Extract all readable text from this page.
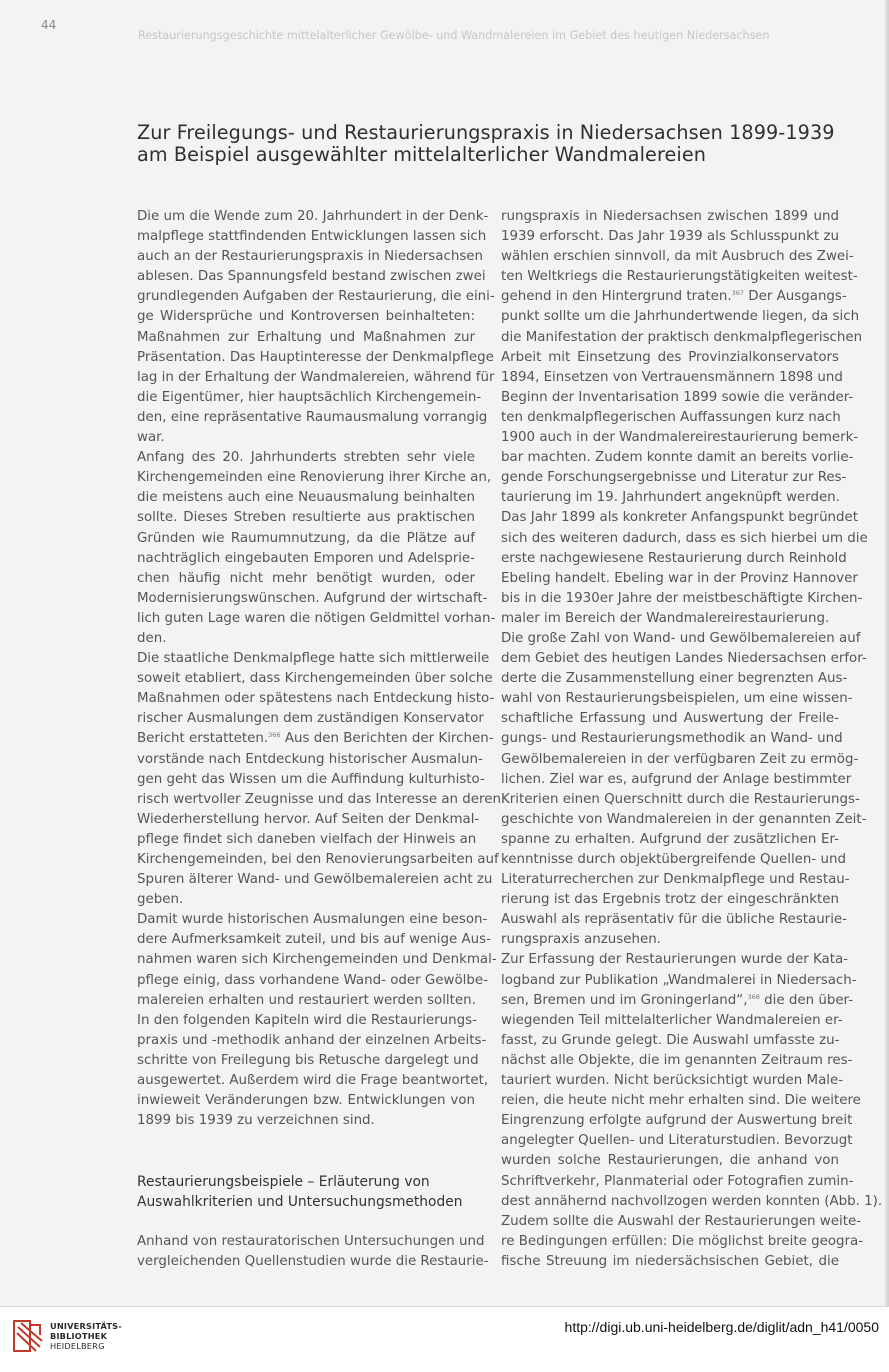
44
Restaurierungsgeschichte mittelalterlicher Gewölbe- und Wandmalereien im Gebiet des heutigen Niedersachsen
Zur Freilegungs- und Restaurierungspraxis in Niedersachsen 1899-1939
am Beispiel ausgewählter mittelalterlicher Wandmalereien
Die um die Wende zum 20. Jahrhundert in der Denk-
malpflege stattfindenden Entwicklungen lassen sich
auch an der Restaurierungspraxis in Niedersachsen
ablesen. Das Spannungsfeld bestand zwischen zwei
grundlegenden Aufgaben der Restaurierung, die eini-
ge Widersprüche und Kontroversen beinhalteten:
Maßnahmen zur Erhaltung und Maßnahmen zur
Präsentation. Das Hauptinteresse der Denkmalpflege
lag in der Erhaltung der Wandmalereien, während für
die Eigentümer, hier hauptsächlich Kirchengemein-
den, eine repräsentative Raumausmalung vorrangig
war.
Anfang des 20. Jahrhunderts strebten sehr viele
Kirchengemeinden eine Renovierung ihrer Kirche an,
die meistens auch eine Neuausmalung beinhalten
sollte. Dieses Streben resultierte aus praktischen
Gründen wie Raumumnutzung, da die Plätze auf
nachträglich eingebauten Emporen und Adelsprie-
chen häufig nicht mehr benötigt wurden, oder
Modernisierungswünschen. Aufgrund der wirtschaft-
lich guten Lage waren die nötigen Geldmittel vorhan-
den.
Die staatliche Denkmalpflege hatte sich mittlerweile
soweit etabliert, dass Kirchengemeinden über solche
Maßnahmen oder spätestens nach Entdeckung histo-
rischer Ausmalungen dem zuständigen Konservator
Bericht erstatteten.$^{366}$ Aus den Berichten der Kirchen-
vorstände nach Entdeckung historischer Ausmalun-
gen geht das Wissen um die Auffindung kulturhisto-
risch wertvoller Zeugnisse und das Interesse an deren
Wiederherstellung hervor. Auf Seiten der Denkmal-
pflege findet sich daneben vielfach der Hinweis an
Kirchengemeinden, bei den Renovierungsarbeiten auf
Spuren älterer Wand- und Gewölbemalereien acht zu
geben.
Damit wurde historischen Ausmalungen eine beson-
dere Aufmerksamkeit zuteil, und bis auf wenige Aus-
nahmen waren sich Kirchengemeinden und Denkmal-
pflege einig, dass vorhandene Wand- oder Gewölbe-
malereien erhalten und restauriert werden sollten.
In den folgenden Kapiteln wird die Restaurierungs-
praxis und -methodik anhand der einzelnen Arbeits-
schritte von Freilegung bis Retusche dargelegt und
ausgewertet. Außerdem wird die Frage beantwortet,
inwieweit Veränderungen bzw. Entwicklungen von
1899 bis 1939 zu verzeichnen sind.
Restaurierungsbeispiele – Erläuterung von
Auswahlkriterien und Untersuchungsmethoden
Anhand von restauratorischen Untersuchungen und
vergleichenden Quellenstudien wurde die Restaurie-
rungspraxis in Niedersachsen zwischen 1899 und
1939 erforscht. Das Jahr 1939 als Schlusspunkt zu
wählen erschien sinnvoll, da mit Ausbruch des Zwei-
ten Weltkriegs die Restaurierungstätigkeiten weitest-
gehend in den Hintergrund traten.$^{367}$ Der Ausgangs-
punkt sollte um die Jahrhundertwende liegen, da sich
die Manifestation der praktisch denkmalpflegerischen
Arbeit mit Einsetzung des Provinzialkonservators
1894, Einsetzen von Vertrauensmännern 1898 und
Beginn der Inventarisation 1899 sowie die veränder-
ten denkmalpflegerischen Auffassungen kurz nach
1900 auch in der Wandmalereirestaurierung bemerk-
bar machten. Zudem konnte damit an bereits vorlie-
gende Forschungsergebnisse und Literatur zur Res-
taurierung im 19. Jahrhundert angeknüpft werden.
Das Jahr 1899 als konkreter Anfangspunkt begründet
sich des weiteren dadurch, dass es sich hierbei um die
erste nachgewiesene Restaurierung durch Reinhold
Ebeling handelt. Ebeling war in der Provinz Hannover
bis in die 1930er Jahre der meistbeschäftigte Kirchen-
maler im Bereich der Wandmalereirestaurierung.
Die große Zahl von Wand- und Gewölbemalereien auf
dem Gebiet des heutigen Landes Niedersachsen erfor-
derte die Zusammenstellung einer begrenzten Aus-
wahl von Restaurierungsbeispielen, um eine wissen-
schaftliche Erfassung und Auswertung der Freile-
gungs- und Restaurierungsmethodik an Wand- und
Gewölbemalereien in der verfügbaren Zeit zu ermög-
lichen. Ziel war es, aufgrund der Anlage bestimmter
Kriterien einen Querschnitt durch die Restaurierungs-
geschichte von Wandmalereien in der genannten Zeit-
spanne zu erhalten. Aufgrund der zusätzlichen Er-
kenntnisse durch objektübergreifende Quellen- und
Literaturrecherchen zur Denkmalpflege und Restau-
rierung ist das Ergebnis trotz der eingeschränkten
Auswahl als repräsentativ für die übliche Restaurie-
rungspraxis anzusehen.
Zur Erfassung der Restaurierungen wurde der Kata-
logband zur Publikation „Wandmalerei in Niedersach-
sen, Bremen und im Groningerland“,$^{368}$ die den über-
wiegenden Teil mittelalterlicher Wandmalereien er-
fasst, zu Grunde gelegt. Die Auswahl umfasste zu-
nächst alle Objekte, die im genannten Zeitraum res-
tauriert wurden. Nicht berücksichtigt wurden Male-
reien, die heute nicht mehr erhalten sind. Die weitere
Eingrenzung erfolgte aufgrund der Auswertung breit
angelegter Quellen- und Literaturstudien. Bevorzugt
wurden solche Restaurierungen, die anhand von
Schriftverkehr, Planmaterial oder Fotografien zumin-
dest annähernd nachvollzogen werden konnten (Abb. 1).
Zudem sollte die Auswahl der Restaurierungen weite-
re Bedingungen erfüllen: Die möglichst breite geogra-
fische Streuung im niedersächsischen Gebiet, die
UNIVERSITÄTS-
BIBLIOTHEK
HEIDELBERG
http://digi.ub.uni-heidelberg.de/diglit/adn_h41/0050
